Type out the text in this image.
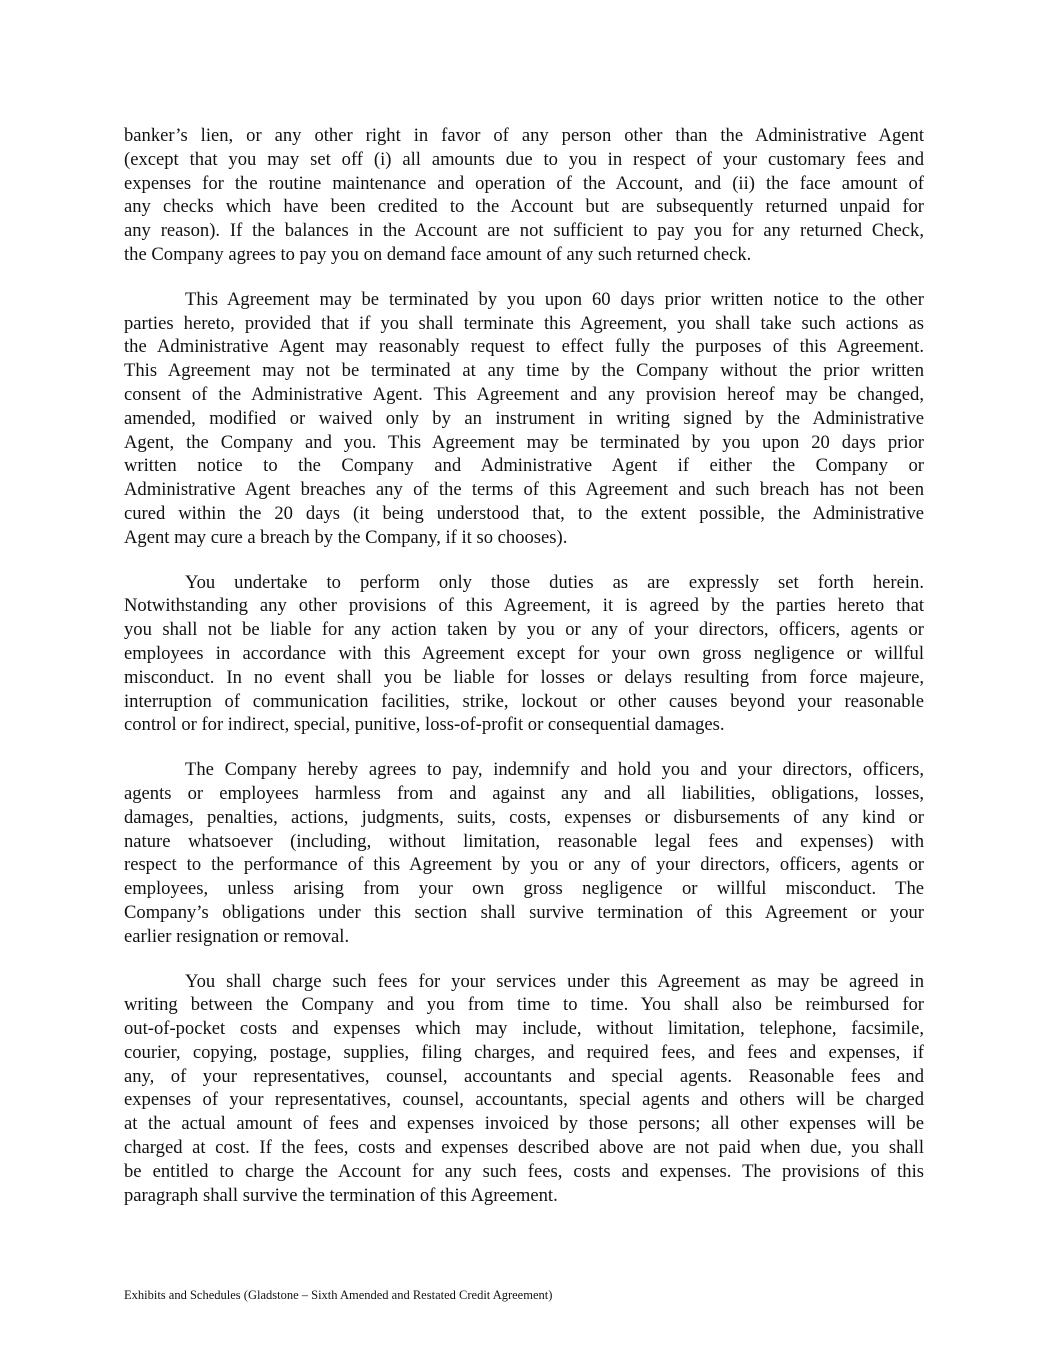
banker’s lien, or any other right in favor of any person other than the Administrative Agent
(except that you may set off (i) all amounts due to you in respect of your customary fees and
expenses for the routine maintenance and operation of the Account, and (ii) the face amount of
any checks which have been credited to the Account but are subsequently returned unpaid for
any reason). If the balances in the Account are not sufficient to pay you for any returned Check,
the Company agrees to pay you on demand face amount of any such returned check.
This Agreement may be terminated by you upon 60 days prior written notice to the other
parties hereto, provided that if you shall terminate this Agreement, you shall take such actions as
the Administrative Agent may reasonably request to effect fully the purposes of this Agreement.
This Agreement may not be terminated at any time by the Company without the prior written
consent of the Administrative Agent. This Agreement and any provision hereof may be changed,
amended, modified or waived only by an instrument in writing signed by the Administrative
Agent, the Company and you. This Agreement may be terminated by you upon 20 days prior
written notice to the Company and Administrative Agent if either the Company or
Administrative Agent breaches any of the terms of this Agreement and such breach has not been
cured within the 20 days (it being understood that, to the extent possible, the Administrative
Agent may cure a breach by the Company, if it so chooses).
You undertake to perform only those duties as are expressly set forth herein.
Notwithstanding any other provisions of this Agreement, it is agreed by the parties hereto that
you shall not be liable for any action taken by you or any of your directors, officers, agents or
employees in accordance with this Agreement except for your own gross negligence or willful
misconduct. In no event shall you be liable for losses or delays resulting from force majeure,
interruption of communication facilities, strike, lockout or other causes beyond your reasonable
control or for indirect, special, punitive, loss-of-profit or consequential damages.
The Company hereby agrees to pay, indemnify and hold you and your directors, officers,
agents or employees harmless from and against any and all liabilities, obligations, losses,
damages, penalties, actions, judgments, suits, costs, expenses or disbursements of any kind or
nature whatsoever (including, without limitation, reasonable legal fees and expenses) with
respect to the performance of this Agreement by you or any of your directors, officers, agents or
employees, unless arising from your own gross negligence or willful misconduct. The
Company’s obligations under this section shall survive termination of this Agreement or your
earlier resignation or removal.
You shall charge such fees for your services under this Agreement as may be agreed in
writing between the Company and you from time to time. You shall also be reimbursed for
out-of-pocket costs and expenses which may include, without limitation, telephone, facsimile,
courier, copying, postage, supplies, filing charges, and required fees, and fees and expenses, if
any, of your representatives, counsel, accountants and special agents. Reasonable fees and
expenses of your representatives, counsel, accountants, special agents and others will be charged
at the actual amount of fees and expenses invoiced by those persons; all other expenses will be
charged at cost. If the fees, costs and expenses described above are not paid when due, you shall
be entitled to charge the Account for any such fees, costs and expenses. The provisions of this
paragraph shall survive the termination of this Agreement.
Exhibits and Schedules (Gladstone – Sixth Amended and Restated Credit Agreement)
